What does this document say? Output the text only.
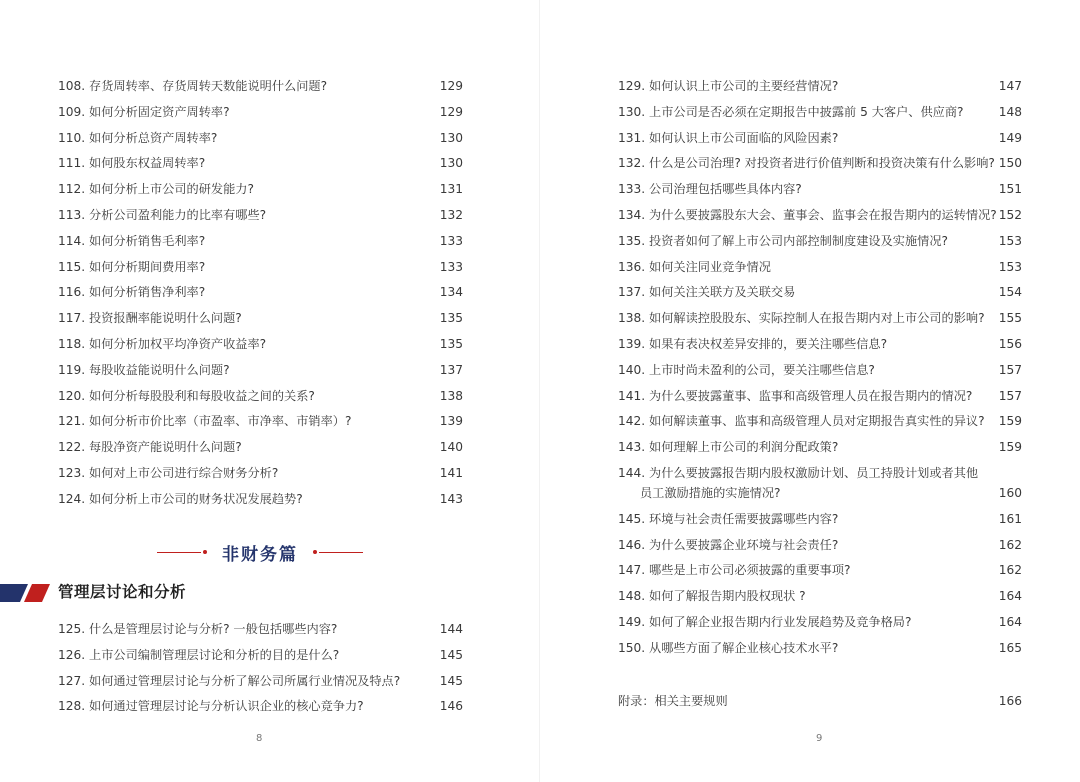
108. 存货周转率、存货周转天数能说明什么问题?	129
109. 如何分析固定资产周转率?	129
110. 如何分析总资产周转率?	130
111. 如何股东权益周转率?	130
112. 如何分析上市公司的研发能力?	131
113. 分析公司盈利能力的比率有哪些?	132
114. 如何分析销售毛利率?	133
115. 如何分析期间费用率?	133
116. 如何分析销售净利率?	134
117. 投资报酬率能说明什么问题?	135
118. 如何分析加权平均净资产收益率?	135
119. 每股收益能说明什么问题?	137
120. 如何分析每股股利和每股收益之间的关系?	138
121. 如何分析市价比率（市盈率、市净率、市销率）?	139
122. 每股净资产能说明什么问题?	140
123. 如何对上市公司进行综合财务分析?	141
124. 如何分析上市公司的财务状况发展趋势?	143
非财务篇
管理层讨论和分析
125. 什么是管理层讨论与分析? 一般包括哪些内容?	144
126. 上市公司编制管理层讨论和分析的目的是什么?	145
127. 如何通过管理层讨论与分析了解公司所属行业情况及特点?	145
128. 如何通过管理层讨论与分析认识企业的核心竞争力?	146
8
129. 如何认识上市公司的主要经营情况?	147
130. 上市公司是否必须在定期报告中披露前 5 大客户、供应商?	148
131. 如何认识上市公司面临的风险因素?	149
132. 什么是公司治理? 对投资者进行价值判断和投资决策有什么影响? 150
133. 公司治理包括哪些具体内容?	151
134. 为什么要披露股东大会、董事会、监事会在报告期内的运转情况? 152
135. 投资者如何了解上市公司内部控制制度建设及实施情况?	153
136. 如何关注同业竞争情况	153
137. 如何关注关联方及关联交易	154
138. 如何解读控股股东、实际控制人在报告期内对上市公司的影响? 155
139. 如果有表决权差异安排的，要关注哪些信息?	156
140. 上市时尚未盈利的公司，要关注哪些信息?	157
141. 为什么要披露董事、监事和高级管理人员在报告期内的情况? 157
142. 如何解读董事、监事和高级管理人员对定期报告真实性的异议? 159
143. 如何理解上市公司的利润分配政策?	159
144. 为什么要披露报告期内股权激励计划、员工持股计划或者其他
员工激励措施的实施情况?	160
145. 环境与社会责任需要披露哪些内容?	161
146. 为什么要披露企业环境与社会责任?	162
147. 哪些是上市公司必须披露的重要事项?	162
148. 如何了解报告期内股权现状 ?	164
149. 如何了解企业报告期内行业发展趋势及竞争格局?	164
150. 从哪些方面了解企业核心技术水平?	165
附录：相关主要规则	166
9
